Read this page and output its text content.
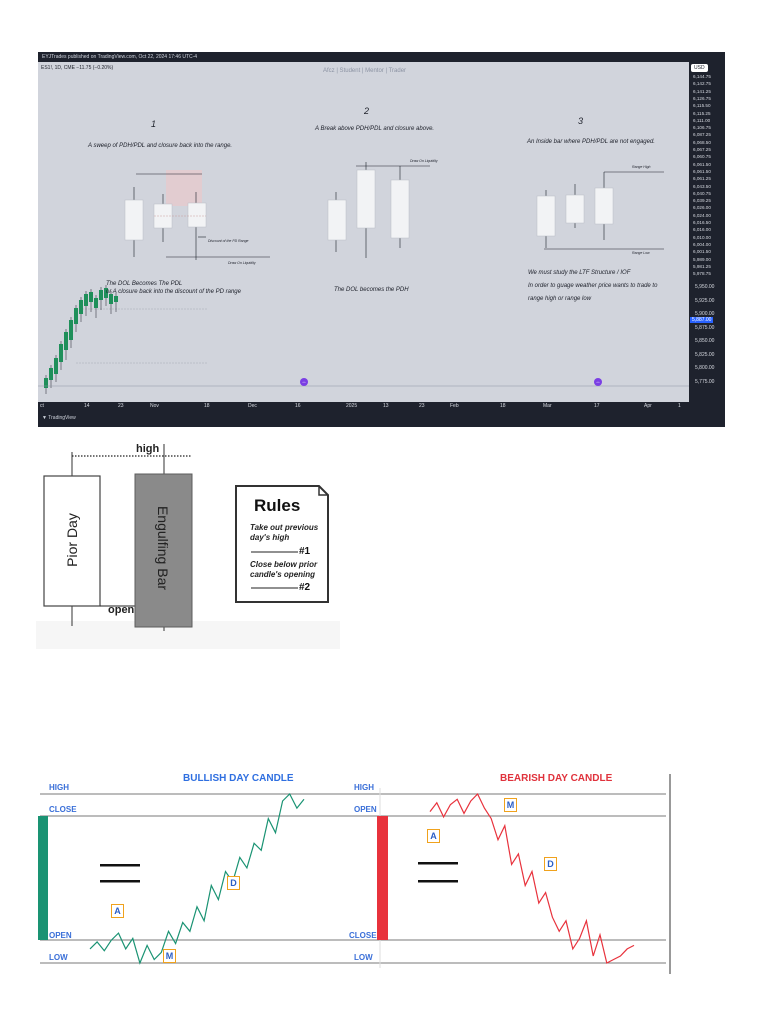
EYJTrades published on TradingView.com, Oct 22, 2024 17:46 UTC-4
ES1!, 1D, CME −11.75 (−0.20%)	Afcz | Student | Mentor | Trader
1
A sweep of PDH/PDL and closure back into the range.
2
A Break above PDH/PDL and closure above.
3
An Inside bar where PDH/PDL are not engaged.
Discount of the PD Range
Draw On Liquidity
Draw On Liquidity
Range High
Range Low
The DOL Becomes The PDL
or A closure back into the discount of the PD range	The DOL becomes the PDH
We must study the LTF Structure / IOF
In order to guage weather price wants to trade to
range high or range low
↔	↔
USD
6,144.75
6,142.75
6,141.25
6,126.75
6,115.50
6,115.25
6,111.00
6,106.75
6,087.25
6,068.50
6,067.25
6,060.75
6,061.50
6,061.50
6,061.25
6,043.50
6,040.75
6,039.25
6,026.00
6,024.00
6,016.50
6,016.00
6,010.00
6,004.00
6,001.50
5,989.00
5,981.25
5,978.75
5,950.00
5,925.00
5,900.00
5,875.00
5,850.00
5,825.00
5,800.00
5,775.00
5,887.00
ct	14	23	Nov	18	Dec	16	2025	13	23	Feb	18	Mar	17	Apr	1
▼ TradingView
high
open
Pior Day	Engulfing Bar
Rules
Take out previous
day's high
#1
Close below prior
candle's opening
#2
BULLISH DAY CANDLE	BEARISH DAY CANDLE
HIGH
CLOSE
OPEN
LOW
HIGH
OPEN
CLOSE
LOW
A
M
D
A
M
D
